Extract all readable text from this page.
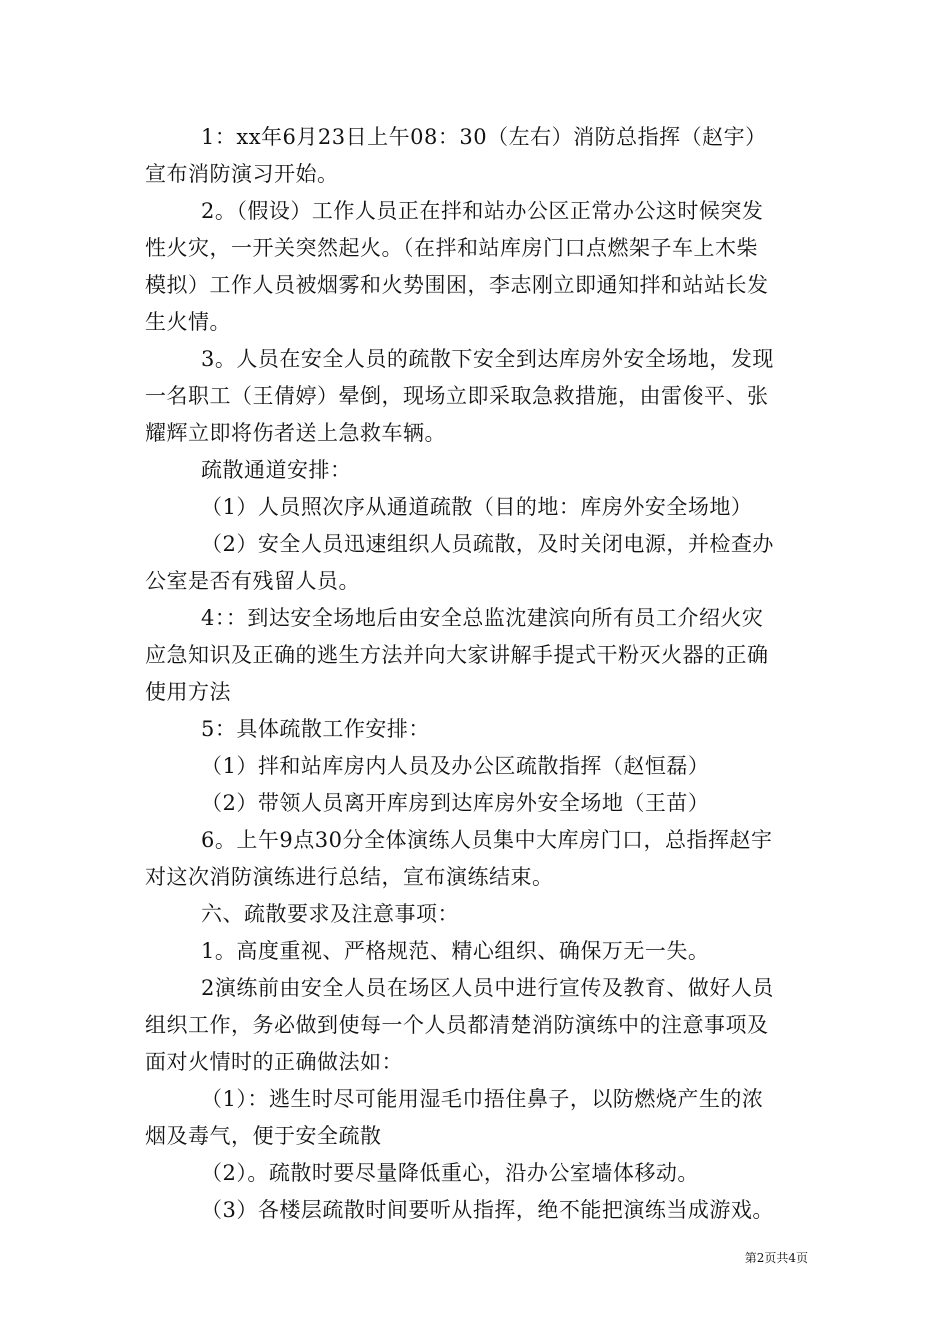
1：xx年6月23日上午08：30（左右）消防总指挥（赵宇）
宣布消防演习开始。
2。（假设）工作人员正在拌和站办公区正常办公这时候突发
性火灾，一开关突然起火。（在拌和站库房门口点燃架子车上木柴
模拟）工作人员被烟雾和火势围困，李志刚立即通知拌和站站长发
生火情。
3。人员在安全人员的疏散下安全到达库房外安全场地，发现
一名职工（王倩婷）晕倒，现场立即采取急救措施，由雷俊平、张
耀辉立即将伤者送上急救车辆。
疏散通道安排：
（1）人员照次序从通道疏散（目的地：库房外安全场地）
（2）安全人员迅速组织人员疏散，及时关闭电源，并检查办
公室是否有残留人员。
4：：到达安全场地后由安全总监沈建滨向所有员工介绍火灾
应急知识及正确的逃生方法并向大家讲解手提式干粉灭火器的正确
使用方法
5：具体疏散工作安排：
（1）拌和站库房内人员及办公区疏散指挥（赵恒磊）
（2）带领人员离开库房到达库房外安全场地（王苗）
6。上午9点30分全体演练人员集中大库房门口，总指挥赵宇
对这次消防演练进行总结，宣布演练结束。
六、疏散要求及注意事项：
1。高度重视、严格规范、精心组织、确保万无一失。
2演练前由安全人员在场区人员中进行宣传及教育、做好人员
组织工作，务必做到使每一个人员都清楚消防演练中的注意事项及
面对火情时的正确做法如：
（1）：逃生时尽可能用湿毛巾捂住鼻子，以防燃烧产生的浓
烟及毒气，便于安全疏散
（2）。疏散时要尽量降低重心，沿办公室墙体移动。
（3）各楼层疏散时间要听从指挥，绝不能把演练当成游戏。
第2页共4页
